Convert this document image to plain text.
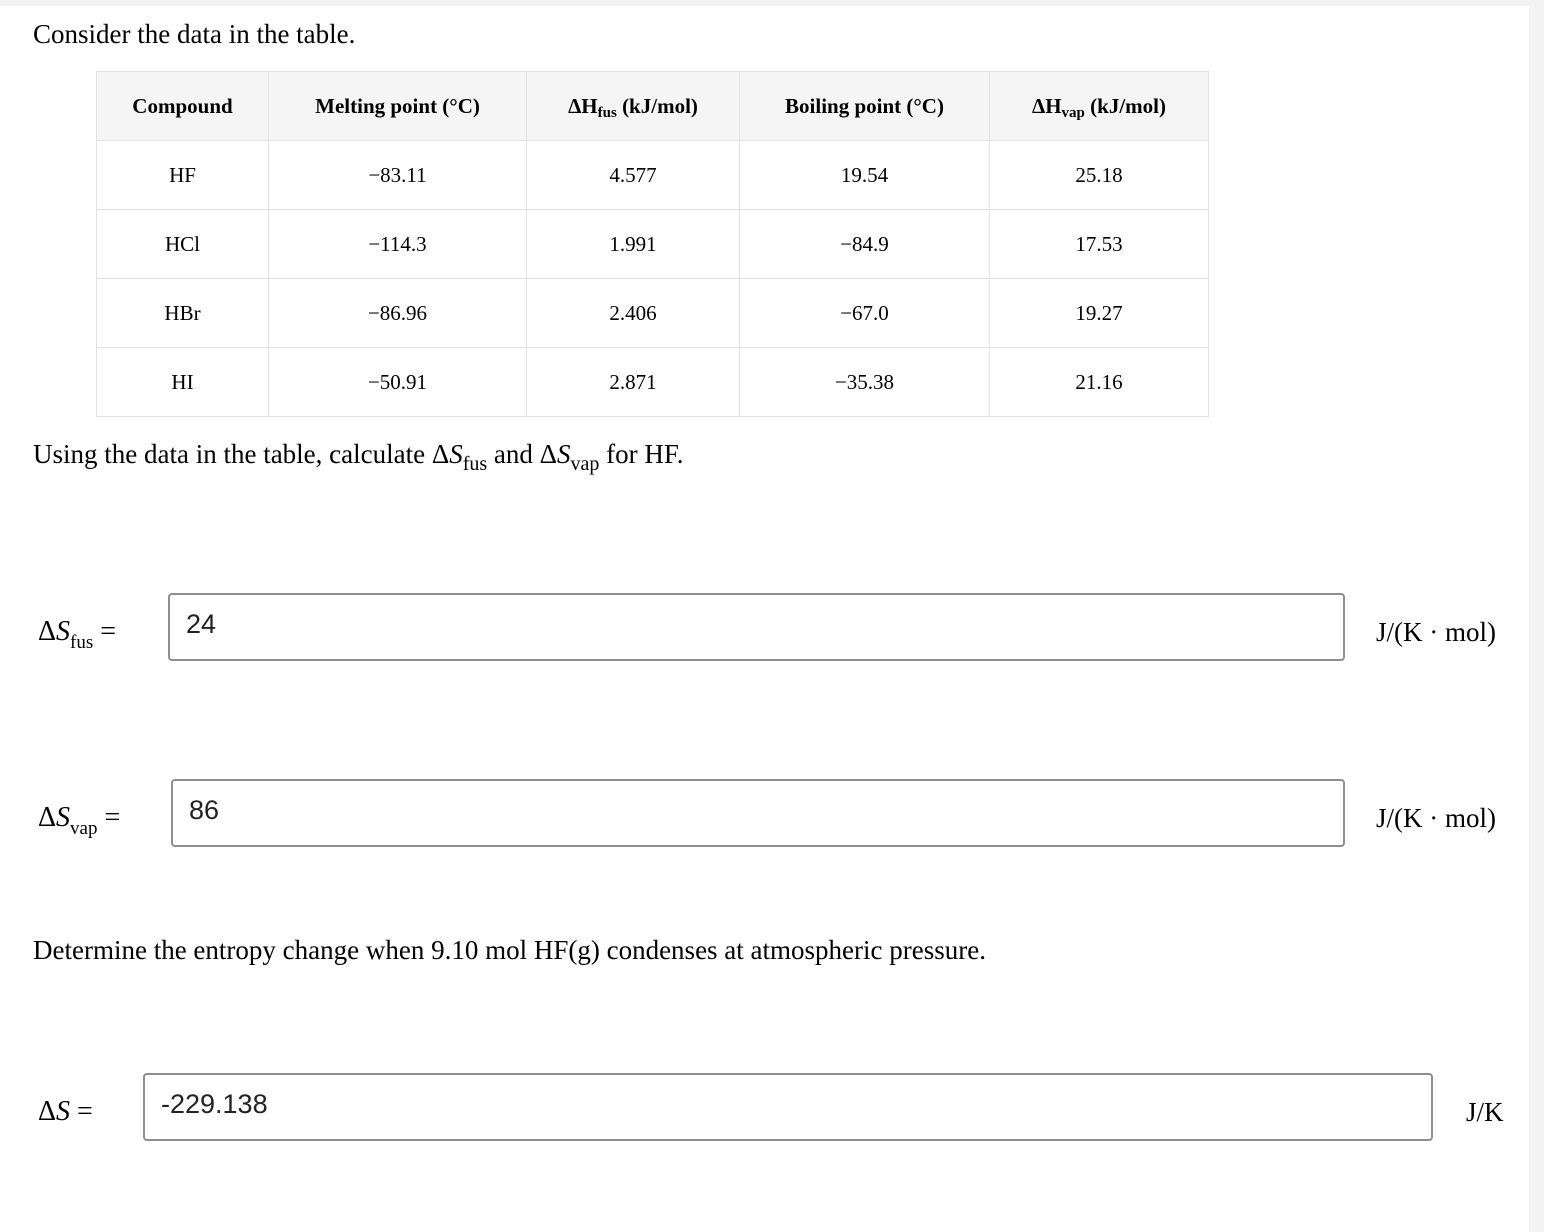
Consider the data in the table.
Compound	Melting point (°C)	$\Delta H_{fus}$ (kJ/mol)	Boiling point (°C)	$\Delta H_{vap}$ (kJ/mol)
HF	−83.11	4.577	19.54	25.18
HCl	−114.3	1.991	−84.9	17.53
HBr	−86.96	2.406	−67.0	19.27
HI	−50.91	2.871	−35.38	21.16
Using the data in the table, calculate $\Delta S_{fus}$ and $\Delta S_{vap}$ for HF.
$\Delta S_{fus}$ =	24	J/(K · mol)
$\Delta S_{vap}$ =	86	J/(K · mol)
Determine the entropy change when 9.10 mol HF(g) condenses at atmospheric pressure.
ΔS =	-229.138	J/K
